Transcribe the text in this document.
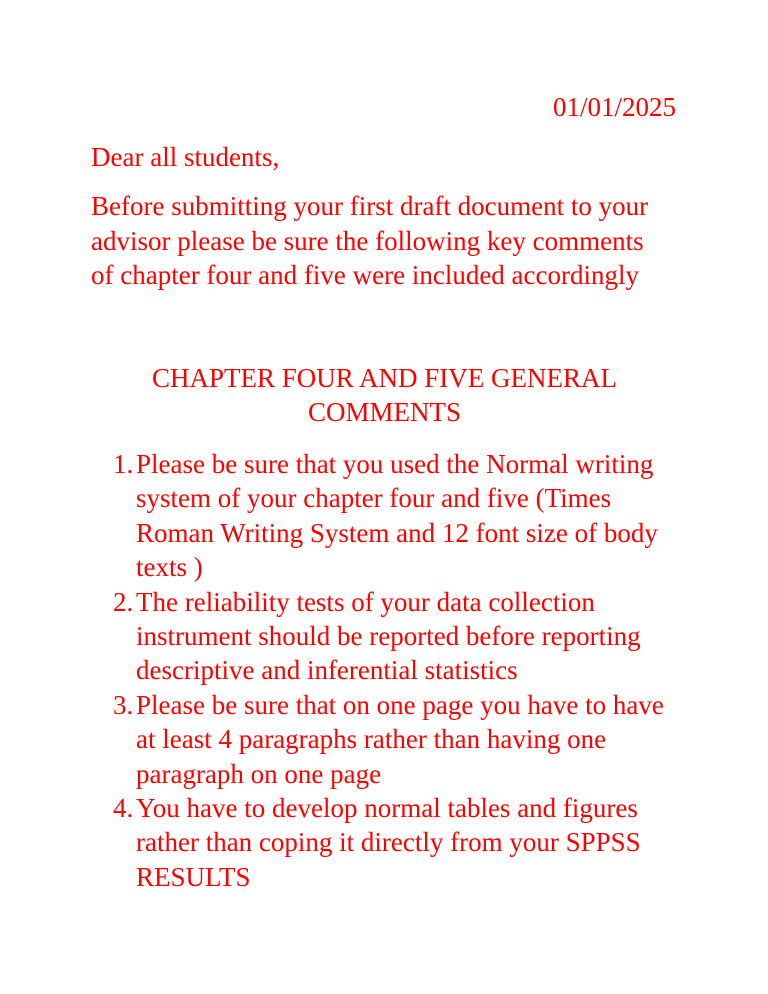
01/01/2025
Dear all students,
Before submitting your first draft document to your
advisor please be sure the following key comments
of chapter four and five were included accordingly
CHAPTER FOUR AND FIVE GENERAL
COMMENTS
1. Please be sure that you used the Normal writing
system of your chapter four and five (Times
Roman Writing System and 12 font size of body
texts )
2. The reliability tests of your data collection
instrument should be reported before reporting
descriptive and inferential statistics
3. Please be sure that on one page you have to have
at least 4 paragraphs rather than having one
paragraph on one page
4. You have to develop normal tables and figures
rather than coping it directly from your SPPSS
RESULTS
